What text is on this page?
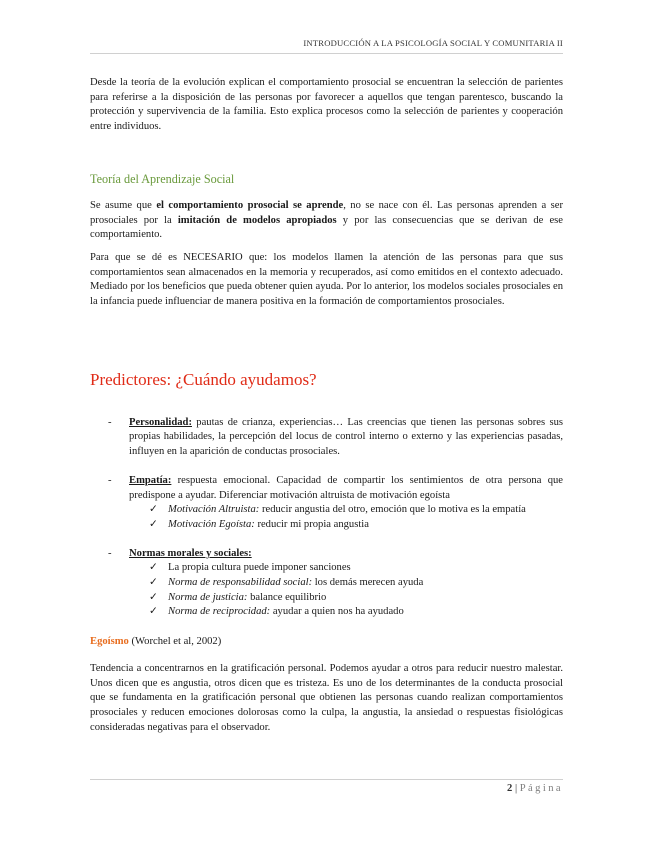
INTRODUCCIÓN A LA PSICOLOGÍA SOCIAL Y COMUNITARIA II

Desde la teoría de la evolución explican el comportamiento prosocial se encuentran la selección de parientes para referirse a la disposición de las personas por favorecer a aquellos que tengan parentesco, buscando la protección y supervivencia de la familia. Esto explica procesos como la selección de parientes y cooperación entre individuos.

Teoría del Aprendizaje Social

Se asume que el comportamiento prosocial se aprende, no se nace con él. Las personas aprenden a ser prosociales por la imitación de modelos apropiados y por las consecuencias que se derivan de ese comportamiento.

Para que se dé es NECESARIO que: los modelos llamen la atención de las personas para que sus comportamientos sean almacenados en la memoria y recuperados, así como emitidos en el contexto adecuado. Mediado por los beneficios que pueda obtener quien ayuda. Por lo anterior, los modelos sociales prosociales en la infancia puede influenciar de manera positiva en la formación de comportamientos prosociales.

Predictores: ¿Cuándo ayudamos?
- Personalidad: pautas de crianza, experiencias… Las creencias que tienen las personas sobres sus propias habilidades, la percepción del locus de control interno o externo y las experiencias pasadas, influyen en la aparición de conductas prosociales.
- Empatía: respuesta emocional. Capacidad de compartir los sentimientos de otra persona que predispone a ayudar. Diferenciar motivación altruista de motivación egoísta
✓ Motivación Altruista: reducir angustia del otro, emoción que lo motiva es la empatía
✓ Motivación Egoísta: reducir mi propia angustia
- Normas morales y sociales:
✓ La propia cultura puede imponer sanciones
✓ Norma de responsabilidad social: los demás merecen ayuda
✓ Norma de justicia: balance equilibrio
✓ Norma de reciprocidad: ayudar a quien nos ha ayudado
Egoísmo (Worchel et al, 2002)

Tendencia a concentrarnos en la gratificación personal. Podemos ayudar a otros para reducir nuestro malestar. Unos dicen que es angustia, otros dicen que es tristeza. Es uno de los determinantes de la conducta prosocial que se fundamenta en la gratificación personal que obtienen las personas cuando realizan comportamientos prosociales y reducen emociones dolorosas como la culpa, la angustia, la ansiedad o respuestas fisiológicas consideradas negativas para el observador.

2 | Página
